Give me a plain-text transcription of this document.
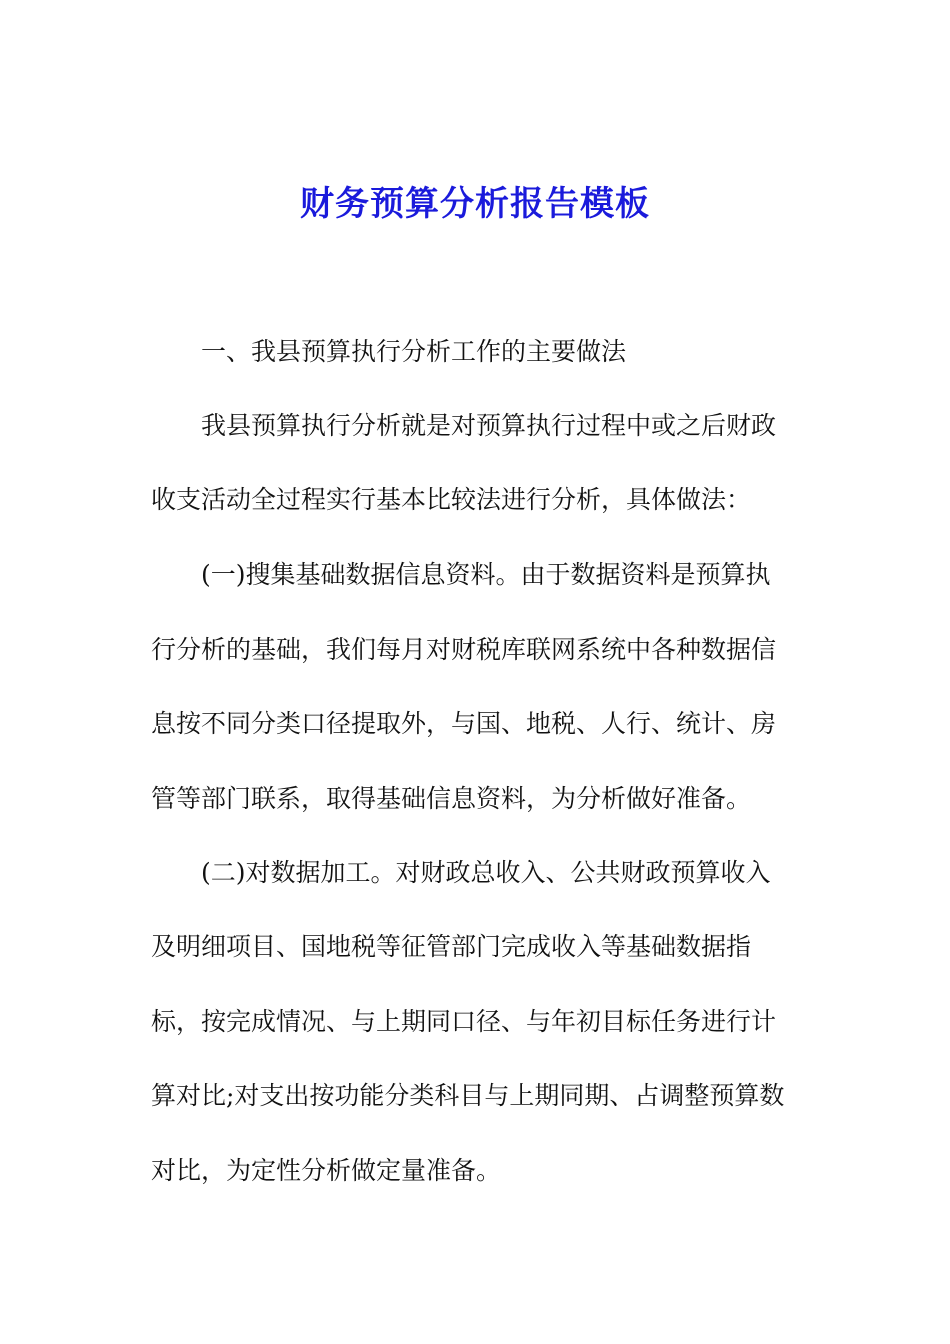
财务预算分析报告模板
一、我县预算执行分析工作的主要做法
我县预算执行分析就是对预算执行过程中或之后财政
收支活动全过程实行基本比较法进行分析，具体做法：
(一)搜集基础数据信息资料。由于数据资料是预算执
行分析的基础，我们每月对财税库联网系统中各种数据信
息按不同分类口径提取外，与国、地税、人行、统计、房
管等部门联系，取得基础信息资料，为分析做好准备。
(二)对数据加工。对财政总收入、公共财政预算收入
及明细项目、国地税等征管部门完成收入等基础数据指
标，按完成情况、与上期同口径、与年初目标任务进行计
算对比;对支出按功能分类科目与上期同期、占调整预算数
对比，为定性分析做定量准备。
